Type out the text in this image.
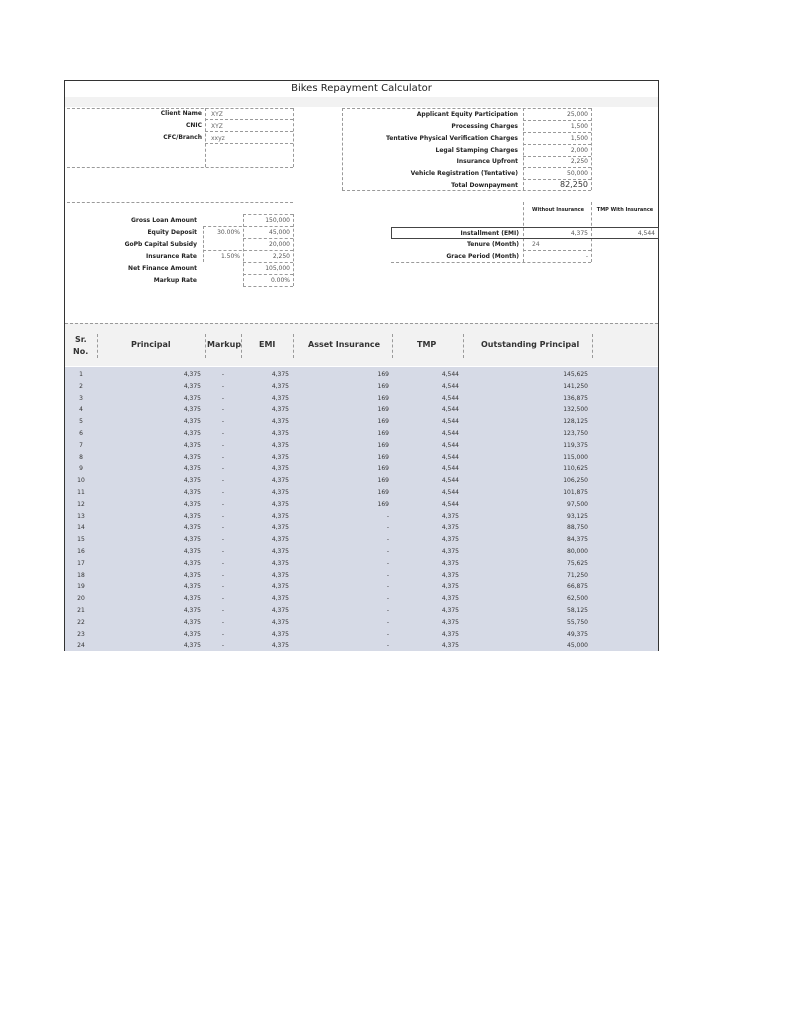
Bikes Repayment Calculator
Client Name XYZ
CNIC XYZ
CFC/Branch xxyz
Applicant Equity Participation	25,000
Processing Charges	1,500
Tentative Physical Verification Charges	1,500
Legal Stamping Charges	2,000
Insurance Upfront	2,250
Vehicle Registration (Tentative)	50,000
Total Downpayment	82,250
Gross Loan Amount	150,000
Equity Deposit	30.00%	45,000
GoPb Capital Subsidy	20,000
Insurance Rate	1.50%	2,250
Net Finance Amount	105,000
Markup Rate	0.00%
Without Insurance	TMP With Insurance
Installment (EMI)	4,375	4,544
Tenure (Month) 24
Grace Period (Month)	-
Sr.
No.
Principal	Markup EMI	Asset Insurance	TMP	Outstanding Principal
1	4,375	-	4,375	169	4,544	145,625
2	4,375	-	4,375	169	4,544	141,250
3	4,375	-	4,375	169	4,544	136,875
4	4,375	-	4,375	169	4,544	132,500
5	4,375	-	4,375	169	4,544	128,125
6	4,375	-	4,375	169	4,544	123,750
7	4,375	-	4,375	169	4,544	119,375
8	4,375	-	4,375	169	4,544	115,000
9	4,375	-	4,375	169	4,544	110,625
10	4,375	-	4,375	169	4,544	106,250
11	4,375	-	4,375	169	4,544	101,875
12	4,375	-	4,375	169	4,544	97,500
13	4,375	-	4,375	-	4,375	93,125
14	4,375	-	4,375	-	4,375	88,750
15	4,375	-	4,375	-	4,375	84,375
16	4,375	-	4,375	-	4,375	80,000
17	4,375	-	4,375	-	4,375	75,625
18	4,375	-	4,375	-	4,375	71,250
19	4,375	-	4,375	-	4,375	66,875
20	4,375	-	4,375	-	4,375	62,500
21	4,375	-	4,375	-	4,375	58,125
22	4,375	-	4,375	-	4,375	55,750
23	4,375	-	4,375	-	4,375	49,375
24	4,375	-	4,375	-	4,375	45,000
